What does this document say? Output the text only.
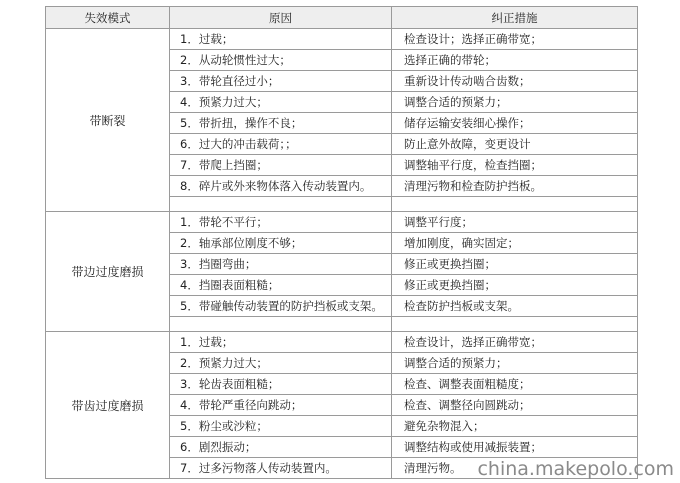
失效模式	原因	纠正措施
带断裂	1．过载；	检查设计；选择正确带宽；
	2．从动轮惯性过大；	选择正确的带轮；
	3．带轮直径过小；	重新设计传动啮合齿数；
	4．预紧力过大；	调整合适的预紧力；
	5．带折扭，操作不良；	储存运输安装细心操作；
	6．过大的冲击载荷；；	防止意外故障，变更设计
	7．带爬上挡圈；	调整轴平行度，检查挡圈；
	8．碎片或外来物体落入传动装置内。	清理污物和检查防护挡板。

带边过度磨损	1．带轮不平行；	调整平行度；
	2．轴承部位刚度不够；	增加刚度，确实固定；
	3．挡圈弯曲；	修正或更换挡圈；
	4．挡圈表面粗糙；	修正或更换挡圈；
	5．带碰触传动装置的防护挡板或支架。	检查防护挡板或支架。

带齿过度磨损	1．过载；	检查设计，选择正确带宽；
	2．预紧力过大；	调整合适的预紧力；
	3．轮齿表面粗糙；	检查、调整表面粗糙度；
	4．带轮严重径向跳动；	检查、调整径向圆跳动；
	5．粉尘或沙粒；	避免杂物混入；
	6．剧烈振动；	调整结构或使用减振装置；
	7．过多污物落人传动装置内。	清理污物。 china.makepolo.com
